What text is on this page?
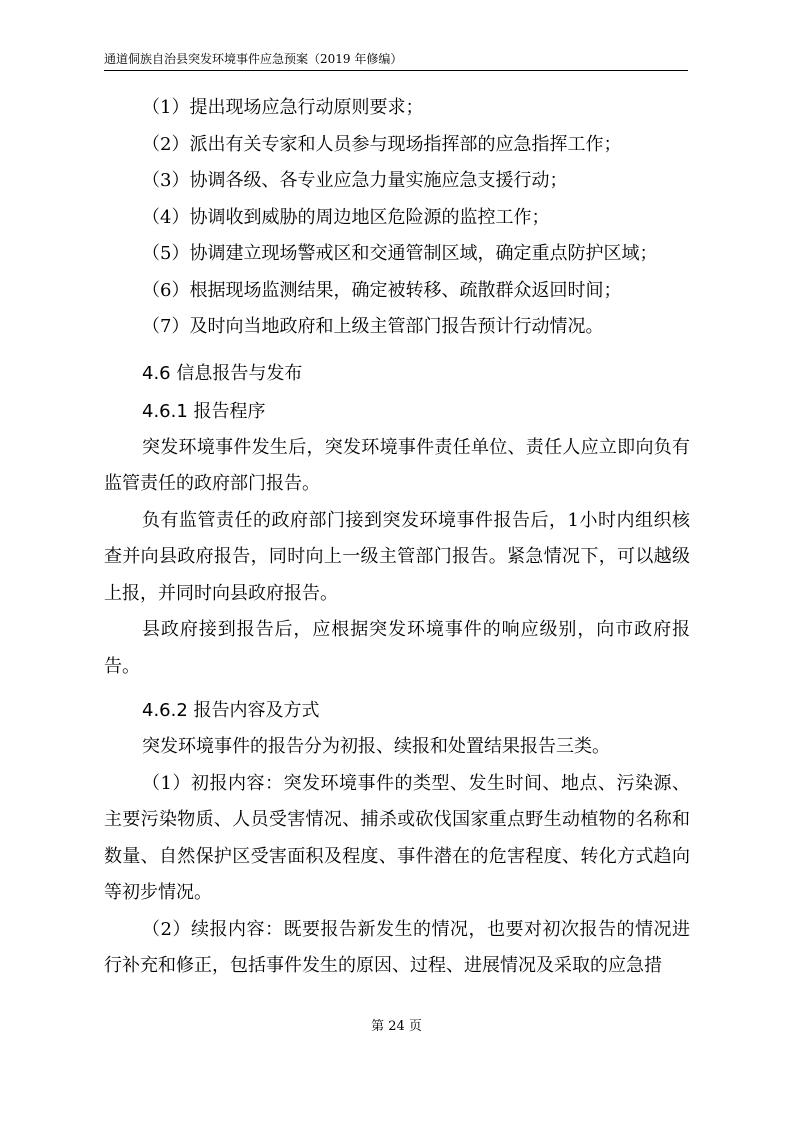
通道侗族自治县突发环境事件应急预案（2019 年修编）

（1）提出现场应急行动原则要求；

（2）派出有关专家和人员参与现场指挥部的应急指挥工作；

（3）协调各级、各专业应急力量实施应急支援行动；

（4）协调收到威胁的周边地区危险源的监控工作；

（5）协调建立现场警戒区和交通管制区域，确定重点防护区域；

（6）根据现场监测结果，确定被转移、疏散群众返回时间；

（7）及时向当地政府和上级主管部门报告预计行动情况。

4.6 信息报告与发布

4.6.1 报告程序

突发环境事件发生后，突发环境事件责任单位、责任人应立即向负有监管责任的政府部门报告。

负有监管责任的政府部门接到突发环境事件报告后，1小时内组织核查并向县政府报告，同时向上一级主管部门报告。紧急情况下，可以越级上报，并同时向县政府报告。

县政府接到报告后，应根据突发环境事件的响应级别，向市政府报告。

4.6.2 报告内容及方式

突发环境事件的报告分为初报、续报和处置结果报告三类。

（1）初报内容：突发环境事件的类型、发生时间、地点、污染源、主要污染物质、人员受害情况、捕杀或砍伐国家重点野生动植物的名称和数量、自然保护区受害面积及程度、事件潜在的危害程度、转化方式趋向等初步情况。

（2）续报内容：既要报告新发生的情况，也要对初次报告的情况进行补充和修正，包括事件发生的原因、过程、进展情况及采取的应急措

第 24 页
